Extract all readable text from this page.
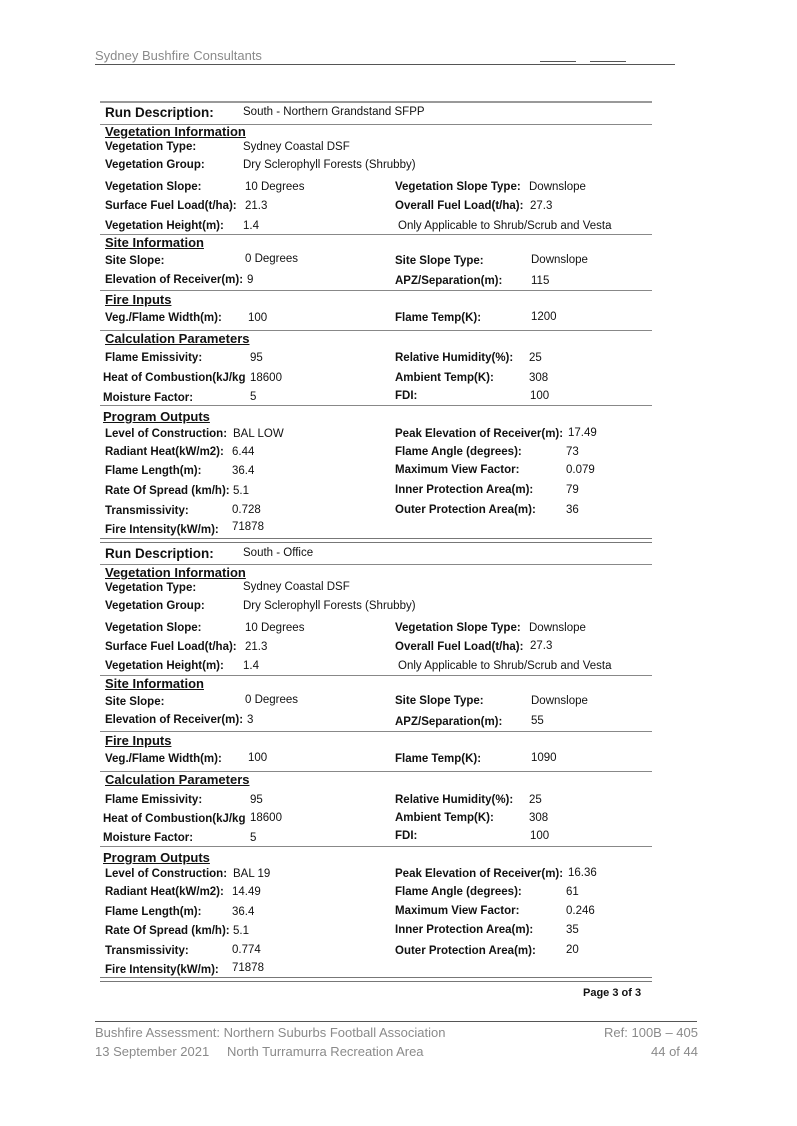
Sydney Bushfire Consultants
Run Description:	South - Northern Grandstand SFPP
Vegetation Information
Vegetation Type:	Sydney Coastal DSF
Vegetation Group:	Dry Sclerophyll Forests (Shrubby)
Vegetation Slope:	10 Degrees	Vegetation Slope Type: Downslope
Surface Fuel Load(t/ha): 21.3	Overall Fuel Load(t/ha): 27.3
Vegetation Height(m): 1.4	Only Applicable to Shrub/Scrub and Vesta
Site Information
Site Slope:	0 Degrees	Site Slope Type:	Downslope
Elevation of Receiver(m): 9	APZ/Separation(m): 115
Fire Inputs
Veg./Flame Width(m): 100	Flame Temp(K):	1200
Calculation Parameters
Flame Emissivity:	95	Relative Humidity(%): 25
Heat of Combustion(kJ/kg 18600	Ambient Temp(K):	308
Moisture Factor:	5	FDI:	100
Program Outputs
Level of Construction: BAL LOW	Peak Elevation of Receiver(m): 17.49
Radiant Heat(kW/m2): 6.44	Flame Angle (degrees):	73
Flame Length(m):	36.4	Maximum View Factor:	0.079
Rate Of Spread (km/h): 5.1	Inner Protection Area(m):	79
Transmissivity:	0.728	Outer Protection Area(m):	36
Fire Intensity(kW/m): 71878
Run Description:	South - Office
Vegetation Information
Vegetation Type:	Sydney Coastal DSF
Vegetation Group:	Dry Sclerophyll Forests (Shrubby)
Vegetation Slope:	10 Degrees	Vegetation Slope Type: Downslope
Surface Fuel Load(t/ha): 21.3	Overall Fuel Load(t/ha): 27.3
Vegetation Height(m): 1.4	Only Applicable to Shrub/Scrub and Vesta
Site Information
Site Slope:	0 Degrees	Site Slope Type:	Downslope
Elevation of Receiver(m): 3	APZ/Separation(m): 55
Fire Inputs
Veg./Flame Width(m): 100	Flame Temp(K):	1090
Calculation Parameters
Flame Emissivity:	95	Relative Humidity(%): 25
Heat of Combustion(kJ/kg 18600	Ambient Temp(K):	308
Moisture Factor:	5	FDI:	100
Program Outputs
Level of Construction: BAL 19	Peak Elevation of Receiver(m): 16.36
Radiant Heat(kW/m2): 14.49	Flame Angle (degrees):	61
Flame Length(m):	36.4	Maximum View Factor:	0.246
Rate Of Spread (km/h): 5.1	Inner Protection Area(m):	35
Transmissivity:	0.774	Outer Protection Area(m):	20
Fire Intensity(kW/m): 71878
Page 3 of 3
Bushfire Assessment: Northern Suburbs Football Association	Ref: 100B – 405
13 September 2021 North Turramurra Recreation Area	44 of 44
